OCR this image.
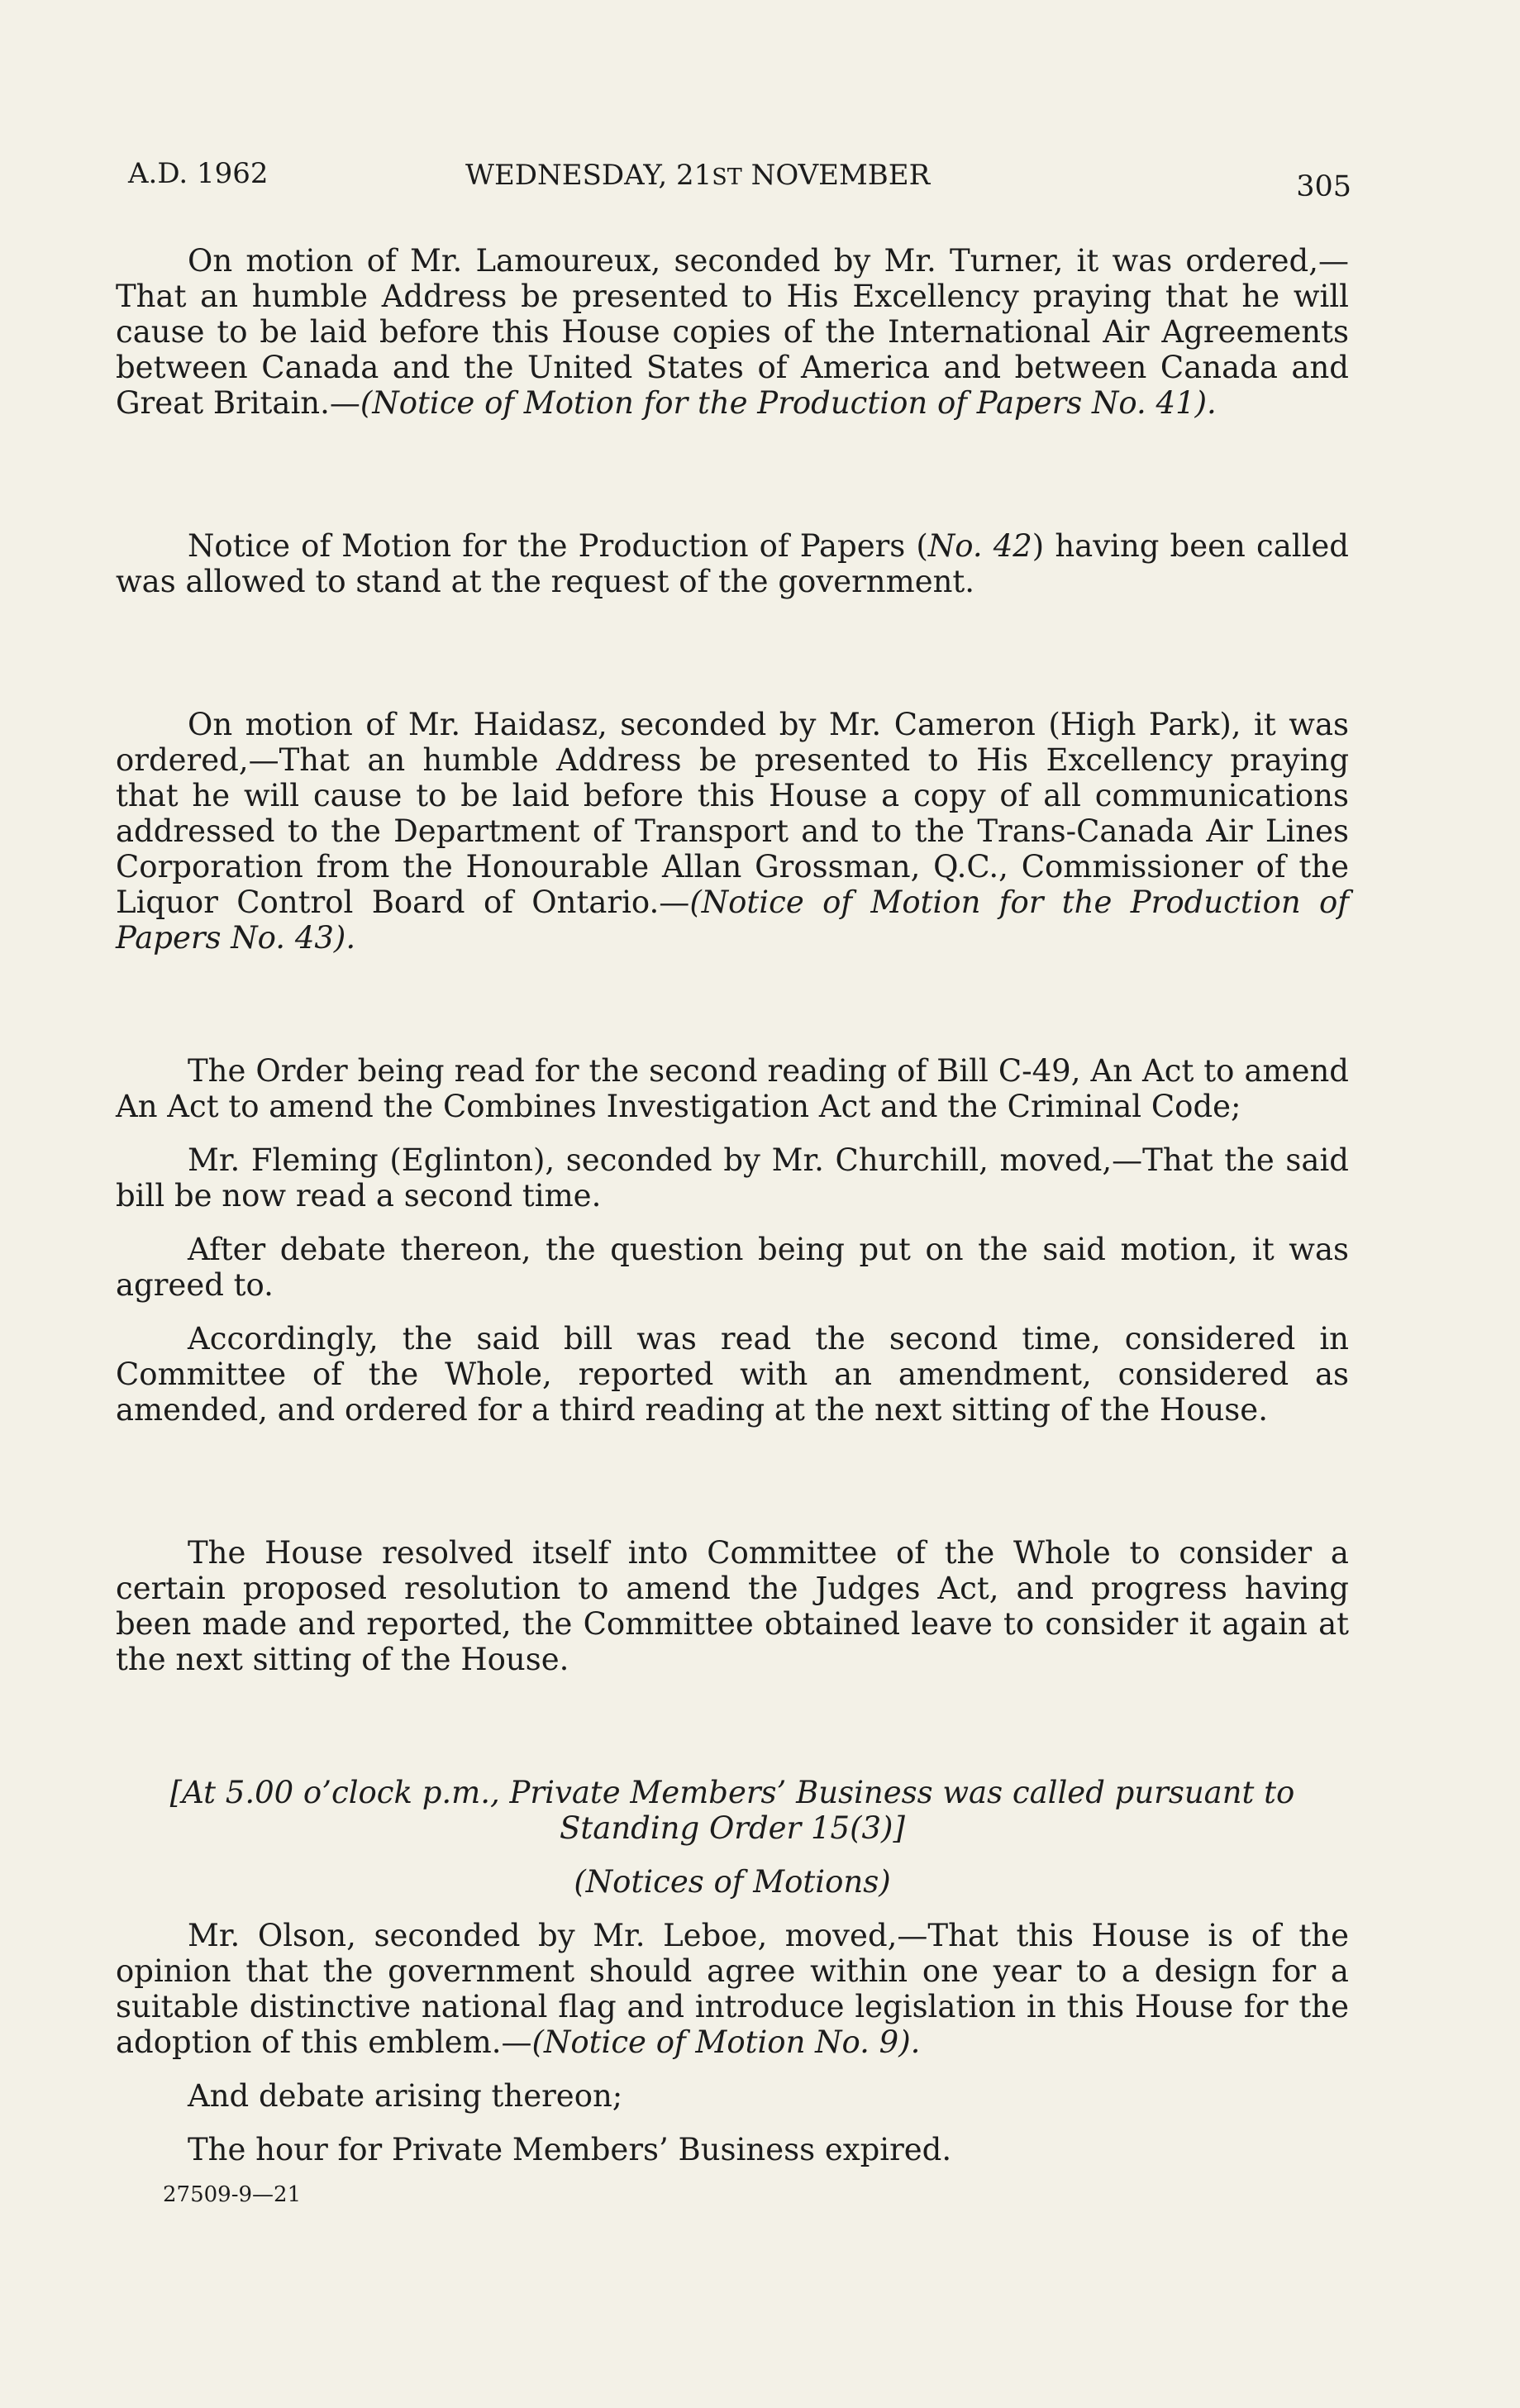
A.D. 1962	WEDNESDAY, 21ST NOVEMBER	305

On motion of Mr. Lamoureux, seconded by Mr. Turner, it was ordered,—That an humble Address be presented to His Excellency praying that he will cause to be laid before this House copies of the International Air Agreements between Canada and the United States of America and between Canada and Great Britain.—(Notice of Motion for the Production of Papers No. 41).

Notice of Motion for the Production of Papers (No. 42) having been called was allowed to stand at the request of the government.

On motion of Mr. Haidasz, seconded by Mr. Cameron (High Park), it was ordered,—That an humble Address be presented to His Excellency praying that he will cause to be laid before this House a copy of all communications addressed to the Department of Transport and to the Trans-Canada Air Lines Corporation from the Honourable Allan Grossman, Q.C., Commissioner of the Liquor Control Board of Ontario.—(Notice of Motion for the Production of Papers No. 43).

The Order being read for the second reading of Bill C-49, An Act to amend An Act to amend the Combines Investigation Act and the Criminal Code;

Mr. Fleming (Eglinton), seconded by Mr. Churchill, moved,—That the said bill be now read a second time.

After debate thereon, the question being put on the said motion, it was agreed to.

Accordingly, the said bill was read the second time, considered in Committee of the Whole, reported with an amendment, considered as amended, and ordered for a third reading at the next sitting of the House.

The House resolved itself into Committee of the Whole to consider a certain proposed resolution to amend the Judges Act, and progress having been made and reported, the Committee obtained leave to consider it again at the next sitting of the House.

[At 5.00 o’clock p.m., Private Members’ Business was called pursuant to Standing Order 15(3)]

(Notices of Motions)

Mr. Olson, seconded by Mr. Leboe, moved,—That this House is of the opinion that the government should agree within one year to a design for a suitable distinctive national flag and introduce legislation in this House for the adoption of this emblem.—(Notice of Motion No. 9).

And debate arising thereon;

The hour for Private Members’ Business expired.

27509-9—21
